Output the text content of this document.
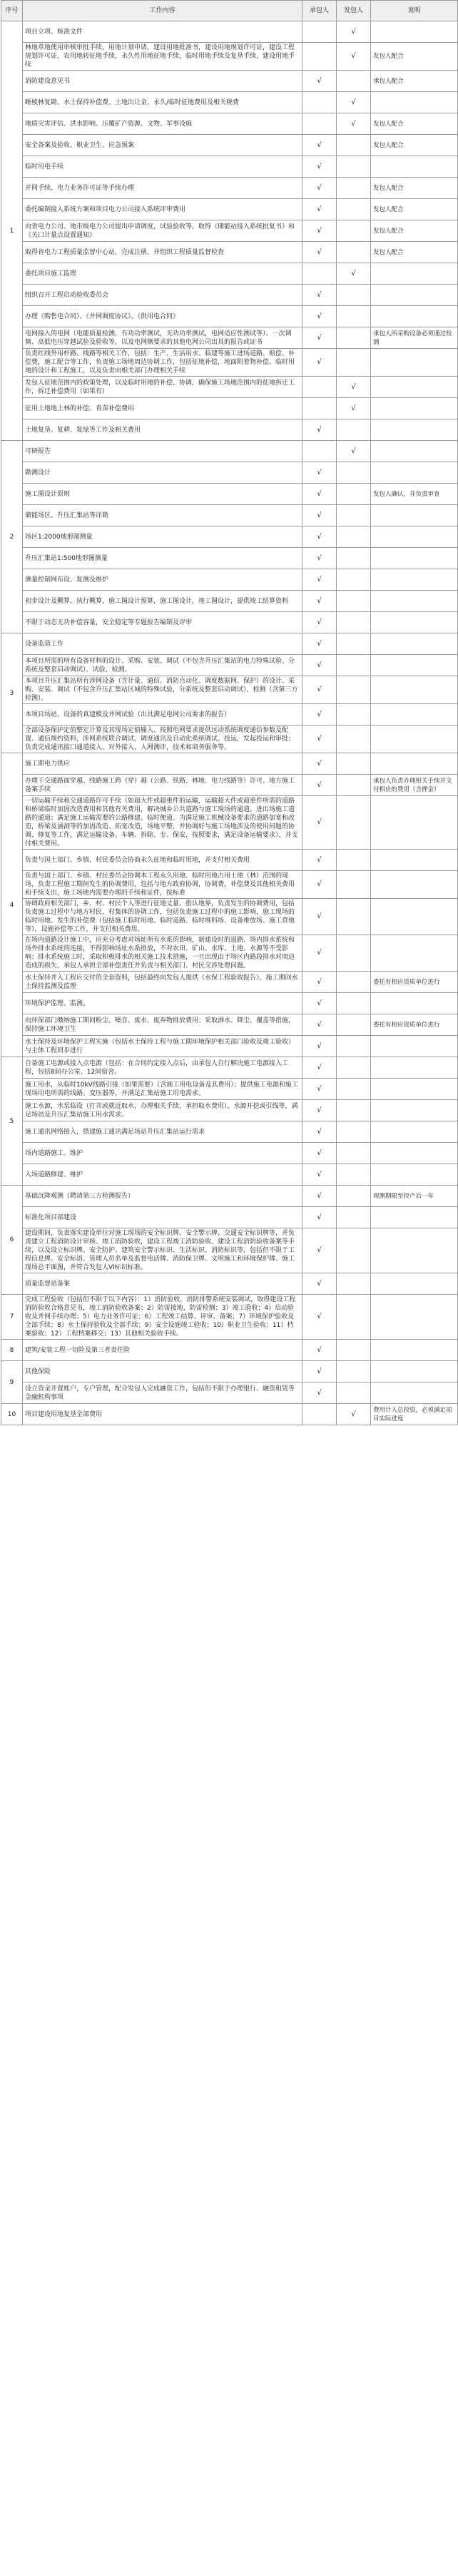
序号	工作内容	承包人	发包人	说明
1	项目立项、核准文件		√	
	林地草地使用审核审批手续，用地计划申请，建设用地批准书，建设用地规划许可证，建设工程规划许可证，农用地转征地手续，永久性用地征地手续，临时用地手续及复垦手续，建设用地手续		√	发包人配合
	消防建设意见书	√		承包人配合
	睡棱林复勘、水土保持补偿费、土地出让金、永久/临时征地费用及相关税费		√	
	地质灾害评估、洪水影响、压覆矿产资源、文物、军事设施		√	发包人配合
	安全备案及验收、职业卫生、应急预案	√		发包人配合
	临时用电手续	√		
	并网手续，电力业务许可证等手续办理	√		发包人配合
	委托编制接入系统方案和项目电力公司接入系统评审费用	√		发包人配合
	向省电力公司、地市级电力公司提出申请调度，试验验收等，取得《储能站接入系统批复书》和《关口计量点设置通知》	√		发包人配合
	取得省电力工程质量监督中心站，完成注册，并组织工程质量监督检查	√		发包人配合
	委托项目施工监理		√	
	组织召开工程启动验收委员会	√		
	办理《购售电合同》、《并网调度协议》、《供用电合同》	√		
	电网接入的电网（电能质量检测，有功功率测试，无功功率测试，电网适应性测试等）、一次调频、高低电压穿越试验及验收等，以及电网侧要求的其他电网公司出具的报告或证书	√		承包人所采购设备必须通过检测
	负责红线外用杆路、线路等相关工作，包括：生产、生活用水、临建等施工进场道路、赔偿、补偿费，施工配合等工作，负责施工场地周边协调工作，包括征地补偿，地面附着物补偿。临时用地的设计和工程施工，以及负责向相关部门办理相关手续	√		
	发包人征地范围内的政策处理，以及临时用地的补偿、协调，确保施工场地范围内的征地拆迁工作，拆迁补偿费用（如果有）		√	
	征用土地地上林的补偿、青苗补偿费用		√	
	土地复垦、复耕、复绿等工作及相关费用	√		
2	可研报告		√	
	勘测设计	√		
	施工图设计原则	√		发包人确认，并负责审查
	储能场区、升压汇集站等详勘	√		
	场区1:2000地形图测量	√		
	升压汇集站1:500地形图测量	√		
	测量控制网布设、复测及维护	√		
	初步设计及概算，执行概算，施工图设计预算，施工图设计，竣工图设计，提供竣工结算资料	√		
	不限于动态无功补偿容量，安全稳定等专题报告编制及评审	√		
3	设备监造工作	√		
	本项目所需的所有设备材料的设计、采购、安装、调试（不包含升压汇集站的电力特殊试验、分系统及整套启动调试），试验、检测。	√		
	本项目升压汇集站所有涉网设备（含计量、通信、消防自动化、调度数据网、保护）的设计、采购、安装、调试（不包含升压汇集站区域的特殊试验，分系统及整套启动调试），检测（含第三方检测）。	√		
	本项目场站，设备的真建模及并网试验（出具满足电网公司要求的报告）	√		
	全部设备保护定值整定计算及其现场定值输入、按照电网要求提供远动系统调度通信参数及配置、通信规约资料，涉网系统联合调试，调度通讯及自动化系统调试、投运，发起投运和审批；负责完成通讯接口通道接入、对外接入、入网测评，技术和商务服务等。	√		
4	施工期电力供应	√		
	办理干交通路面穿越、线路施工跨（穿）越（公路、铁路、林地、电力线路等）许可、地方施工备案手续	√		承包人负责办理相关手续并支付相应的费用（含押金）
	一切运输手续和交通道路许可手续（如超大件或超重件的运输，运输超大件或超重件所需的道路和桥梁临时加固改造费用和其他有关费用，解决城乡公共道路与施工现场的通道、进出场施工道路的通道；满足施工运输需要的公路修建、临时便道、为满足施工机械设备要求的道路加宽和改造，桥梁及涵洞等的加固改造、拓宽改造，场地平整，并协调好与施工场地涉及的使用问题的协调、修复等工作，满足运输设备、车辆、拆除、专、保安，按照要求，满足设备运输要求），并支付相关费用。	√		
	负责与国土部门、乡镇、村民委员会协商永久征地和临时用地，并支付相关费用	√		
	负责与国土部门、乡镇、村民委员会协调本工程永久用地、临时用地占用土地（林）范围的现场，负责工程施工期间发生的协调费用，包括与地方政府协调，协调费，补偿费及其他相关费用和手续支出，施工场地内需要办理的手续和证件，按标准	√		
	协调政府相关部门，乡、村、村民个人等进行征地丈量、指认地界，负责发生的协调费用，包括负责施工过程中与地方村民、村集体的协调工作，包括负责施工过程中的施工影响，施工现场的临时用地、发生的补偿费（包括施工临时用地、临时道路、临时堆料场、设备堆放场、施工营地等），设施补偿等工作，并支付相关费用。	√		
	在场内道路设计施工中，应充分考虑对场址所有水系的影响，新建设时的道路、场内排水系统和场外排水系统的连接，不得影响场址水系排放，不对农田、矿山、水库、土地、水源等不受影响；排水系统施工时，采取积极排水的相关施工技术措施，一旦出现由于场区内路段排水对周边造成的损失，承包人承担全部补偿责任并负责与相关部门、村民交涉处理问题。	√		
	水土保持并入工程应交付的全套资料，包括最终向发包人提供《水保工程验收报告》，施工期间水土保持监测及监理	√		委托有相应资质单位进行
	环境保护监理、监测。	√		
	向环保部门缴纳施工期间粉尘、噪音、废水、废弃物排放费用；采取洒水、降尘、覆盖等措施，保持施工环境卫生	√		委托有相应资质单位进行
	水土保持及环境保护工程实施（包括水土保持工程与施工期环境保护相关部门验收及竣工验收）与主体工程同步进行	√		
5	自备施工电源或接入点电源（包括：在合同约定接入点后，由承包人自行解决施工电源接入工程，包括8间办公室、12间宿舍。	√		
	施工用水，从临时10kV线路引接（如果需要）（含施工用电设备及其费用）；提供施工电源和施工现场用电所需的线路、变压器等，并满足汇集站施工用电需求。	√		
	施工水源，水泵临设（打井或就近取水，办理相关手续，承担取水费用），水源开挖或引线等，满足场站及升压汇集站施工用水需求。	√		
	施工通讯网络接入，搭建施工通讯满足场站升压汇集站运行需求	√		
	场内道路施工、维护	√		
	入场道路修建、维护	√		
6	基础沉降观测（聘请第三方检测报告）	√		观测期限至投产后一年
	标准化项目部建设	√		
	建设期间，负责落实建设单位对施工现场的安全标识牌、安全警示牌、交通安全标识牌等，并负责建立工程消防设计审核、竣工消防验收，建设工程竣工消防验收、建设工程消防验收备案等手续，以及设立标识牌、安全防护、建筑安全警示标识、生活标识、消防标识等，包括但不限于工程信息牌、安全标语、管理人员名单及监督电话牌、消防保卫牌、文明施工和环境保护牌、施工现场总平面图，并符合发包人VI标识标准。	√		
	质量监督站备案	√		
7	完成工程验收（包括但不限于以下内容）：1）消防验收，消防排警系统安装调试，取得建设工程消防验收合格意见书，竣工消防验收备案；2）防雷接地，防雷检测；3）竣工验收；4）启动验收及并网手续办理；5）电力业务许可证；6）工程竣工结算、评审、备案；7）环境保护验收及全部手续；8）水土保持验收及全部手续；9）安全设施竣工验收；10）职业卫生验收；11）档案验收；12）工程档案移交；13）其他相关验收手续。	√		
8	建筑/安装工程一切险及第三者责任险	√		
9	其他保险	√		
	设立资金开置账户，专户管理，配合发包人完成融资工作，包括但不限于办理银行、融资租赁等金融机构事项	√		
10	项目建设用地复垦全部费用		√	费用计入总投资，必须满足项目实际进度
